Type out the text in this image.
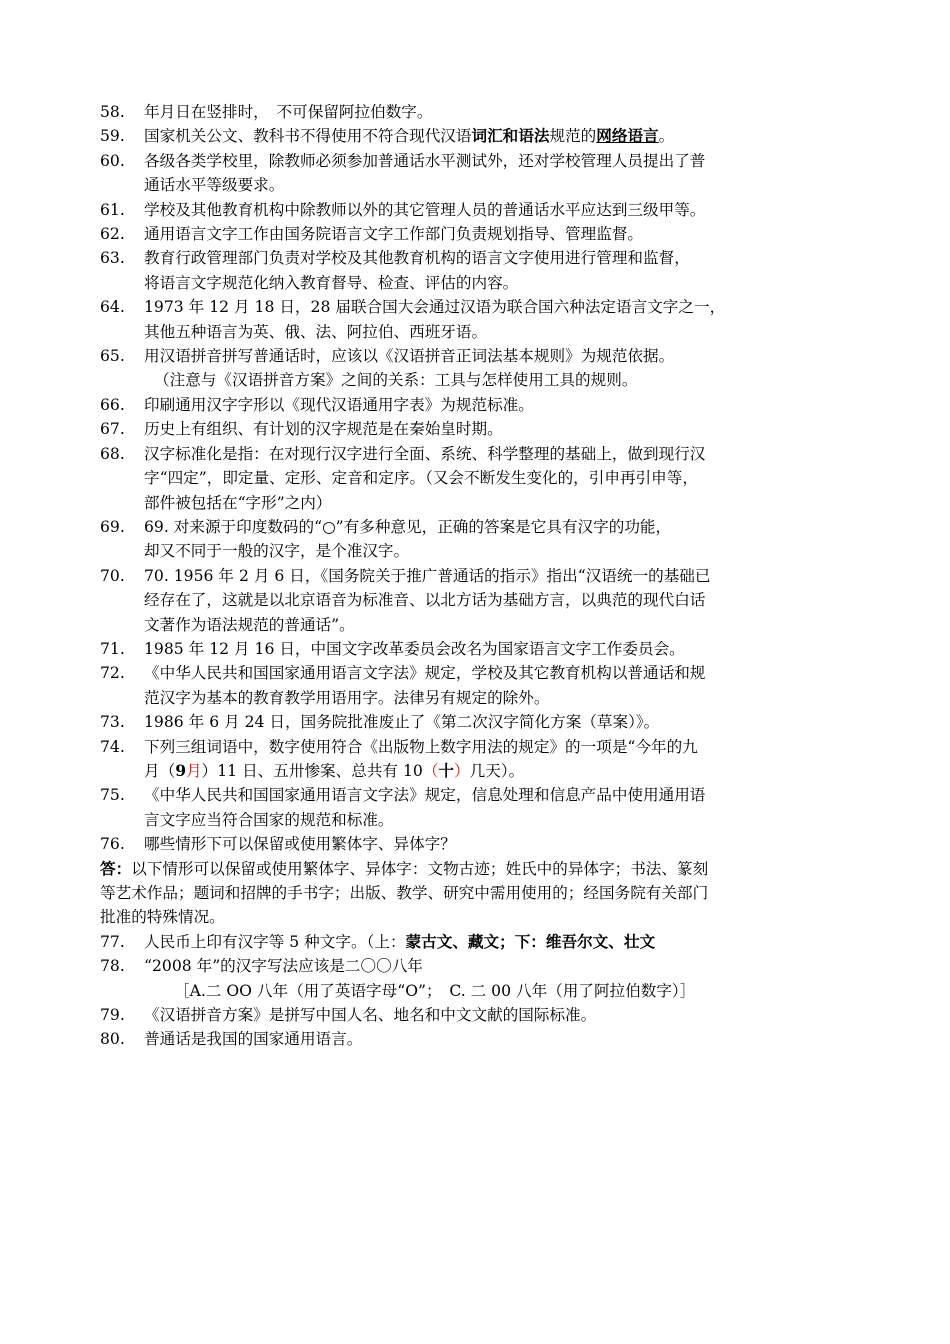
58. 年月日在竖排时，　不可保留阿拉伯数字。
59. 国家机关公文、教科书不得使用不符合现代汉语词汇和语法规范的网络语言。
60. 各级各类学校里，除教师必须参加普通话水平测试外，还对学校管理人员提出了普
通话水平等级要求。
61. 学校及其他教育机构中除教师以外的其它管理人员的普通话水平应达到三级甲等。
62. 通用语言文字工作由国务院语言文字工作部门负责规划指导、管理监督。
63. 教育行政管理部门负责对学校及其他教育机构的语言文字使用进行管理和监督，
将语言文字规范化纳入教育督导、检查、评估的内容。
64. 1973 年 12 月 18 日，28 届联合国大会通过汉语为联合国六种法定语言文字之一，
其他五种语言为英、俄、法、阿拉伯、西班牙语。
65. 用汉语拼音拼写普通话时，应该以《汉语拼音正词法基本规则》为规范依据。
（注意与《汉语拼音方案》之间的关系：工具与怎样使用工具的规则。
66. 印刷通用汉字字形以《现代汉语通用字表》为规范标准。
67. 历史上有组织、有计划的汉字规范是在秦始皇时期。
68. 汉字标准化是指：在对现行汉字进行全面、系统、科学整理的基础上，做到现行汉
字“四定”，即定量、定形、定音和定序。（又会不断发生变化的，引申再引申等，
部件被包括在“字形”之内）
69. 69. 对来源于印度数码的“○”有多种意见，正确的答案是它具有汉字的功能，
却又不同于一般的汉字，是个准汉字。
70. 70. 1956 年 2 月 6 日，《国务院关于推广普通话的指示》指出“汉语统一的基础已
经存在了，这就是以北京语音为标准音、以北方话为基础方言，以典范的现代白话
文著作为语法规范的普通话”。
71. 1985 年 12 月 16 日，中国文字改革委员会改名为国家语言文字工作委员会。
72. 《中华人民共和国国家通用语言文字法》规定，学校及其它教育机构以普通话和规
范汉字为基本的教育教学用语用字。法律另有规定的除外。
73. 1986 年 6 月 24 日，国务院批准废止了《第二次汉字简化方案（草案）》。
74. 下列三组词语中，数字使用符合《出版物上数字用法的规定》的一项是“今年的九
月（9月）11 日、五卅惨案、总共有 10（十）几天）。
75. 《中华人民共和国国家通用语言文字法》规定，信息处理和信息产品中使用通用语
言文字应当符合国家的规范和标准。
76. 哪些情形下可以保留或使用繁体字、异体字？
答：以下情形可以保留或使用繁体字、异体字：文物古迹；姓氏中的异体字；书法、篆刻
等艺术作品；题词和招牌的手书字；出版、教学、研究中需用使用的；经国务院有关部门
批准的特殊情况。
77. 人民币上印有汉字等 5 种文字。（上：蒙古文、藏文；下：维吾尔文、壮文
78. “2008 年”的汉字写法应该是二〇〇八年
［A.二 OO 八年（用了英语字母“O”；　C. 二 00 八年（用了阿拉伯数字）］
79. 《汉语拼音方案》是拼写中国人名、地名和中文文献的国际标准。
80. 普通话是我国的国家通用语言。
